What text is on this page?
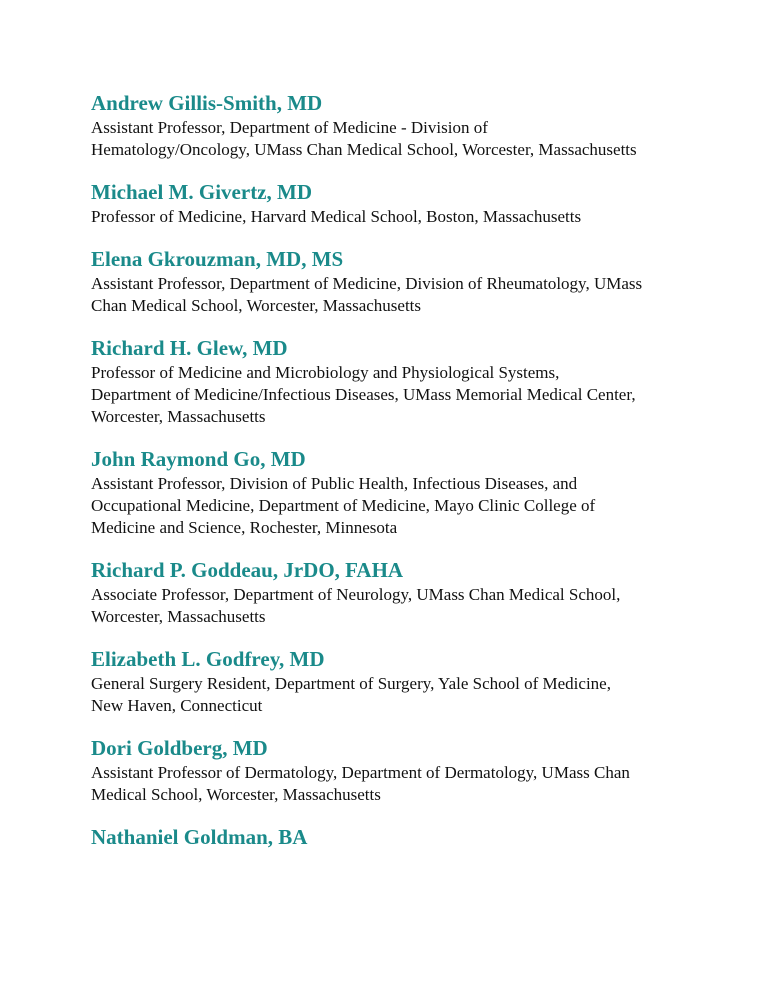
Andrew Gillis-Smith, MD
Assistant Professor, Department of Medicine - Division of
Hematology/Oncology, UMass Chan Medical School, Worcester, Massachusetts
Michael M. Givertz, MD
Professor of Medicine, Harvard Medical School, Boston, Massachusetts
Elena Gkrouzman, MD, MS
Assistant Professor, Department of Medicine, Division of Rheumatology, UMass
Chan Medical School, Worcester, Massachusetts
Richard H. Glew, MD
Professor of Medicine and Microbiology and Physiological Systems,
Department of Medicine/Infectious Diseases, UMass Memorial Medical Center,
Worcester, Massachusetts
John Raymond Go, MD
Assistant Professor, Division of Public Health, Infectious Diseases, and
Occupational Medicine, Department of Medicine, Mayo Clinic College of
Medicine and Science, Rochester, Minnesota
Richard P. Goddeau, JrDO, FAHA
Associate Professor, Department of Neurology, UMass Chan Medical School,
Worcester, Massachusetts
Elizabeth L. Godfrey, MD
General Surgery Resident, Department of Surgery, Yale School of Medicine,
New Haven, Connecticut
Dori Goldberg, MD
Assistant Professor of Dermatology, Department of Dermatology, UMass Chan
Medical School, Worcester, Massachusetts
Nathaniel Goldman, BA
